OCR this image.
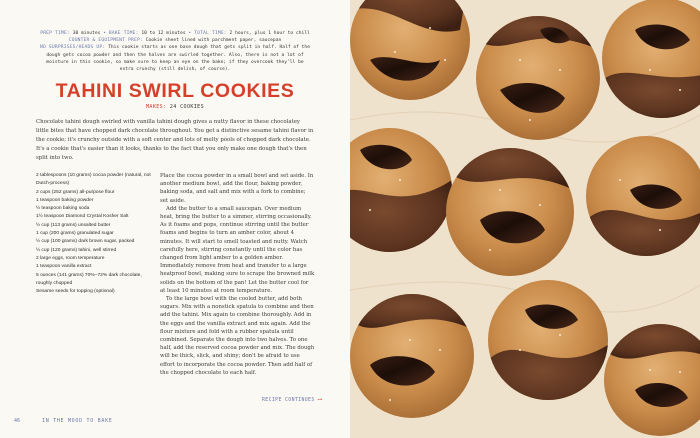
PREP TIME: 30 minutes • BAKE TIME: 10 to 12 minutes • TOTAL TIME: 2 hours, plus 1 hour to chill
COUNTER & EQUIPMENT PREP: Cookie sheet lined with parchment paper, saucepan
NO SURPRISES/HEADS UP: This cookie starts as one base dough that gets split in half. Half of the dough gets cocoa powder and then the halves are swirled together. Also, there is not a lot of moisture in this cookie, so make sure to keep an eye on the bake; if they overcook they'll be extra crunchy (still delish, of course).
TAHINI SWIRL COOKIES
MAKES: 24 COOKIES
Chocolate tahini dough swirled with vanilla tahini dough gives a nutty flavor in these chocolatey little bites that have chopped dark chocolate throughout. You get a distinctive sesame tahini flavor in the cookie; it's crunchy outside with a soft center and lots of melty pools of chopped dark chocolate. It's a cookie that's easier than it looks, thanks to the fact that you only make one dough that's then split into two.
2 tablespoons (10 grams) cocoa powder (natural, not Dutch-process)
2 cups (252 grams) all-purpose flour
1 teaspoon baking powder
½ teaspoon baking soda
1½ teaspoon Diamond Crystal Kosher Salt
½ cup (113 grams) unsalted butter
1 cup (200 grams) granulated sugar
½ cup (100 grams) dark brown sugar, packed
½ cup (120 grams) tahini, well stirred
2 large eggs, room temperature
1 teaspoon vanilla extract
5 ounces (141 grams) 70%–72% dark chocolate, roughly chopped
Sesame seeds for topping (optional)

Place the cocoa powder in a small bowl and set aside. In another medium bowl, add the flour, baking powder, baking soda, and salt and mix with a fork to combine; set aside.

Add the butter to a small saucepan. Over medium heat, bring the butter to a simmer, stirring occasionally. As it foams and pops, continue stirring until the butter foams and begins to turn an amber color, about 4 minutes. It will start to smell toasted and nutty. Watch carefully here, stirring constantly until the color has changed from light amber to a golden amber. Immediately remove from heat and transfer to a large heatproof bowl, making sure to scrape the browned milk solids on the bottom of the pan! Let the butter cool for at least 10 minutes at room temperature.

To the large bowl with the cooled butter, add both sugars. Mix with a nonstick spatula to combine and then add the tahini. Mix again to combine thoroughly. Add in the eggs and the vanilla extract and mix again. Add the flour mixture and fold with a rubber spatula until combined. Separate the dough into two halves. To one half, add the reserved cocoa powder and mix. The dough will be thick, slick, and shiny; don't be afraid to use effort to incorporate the cocoa powder. Then add half of the chopped chocolate to each half.

RECIPE CONTINUES ⟶
46	IN THE MOOD TO BAKE
